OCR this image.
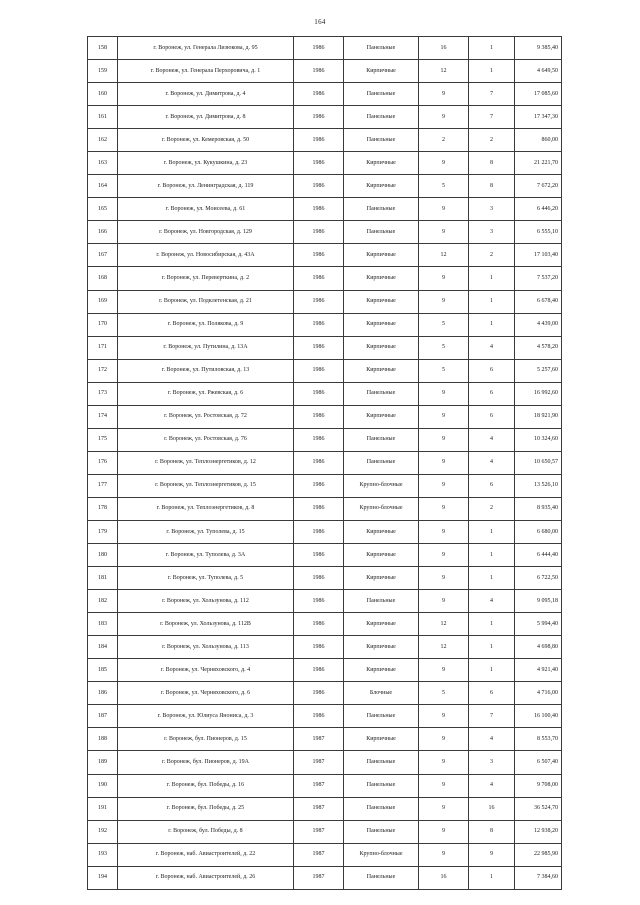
164
158	г. Воронеж, ул. Генерала Лизюкова, д. 95	1986	Панельные	16	1	9 385,40
159	г. Воронеж, ул. Генерала Перхоровича, д. 1	1986	Кирпичные	12	1	4 649,50
160	г. Воронеж, ул. Димитрова, д. 4	1986	Панельные	9	7	17 085,60
161	г. Воронеж, ул. Димитрова, д. 8	1986	Панельные	9	7	17 347,30
162	г. Воронеж, ул. Кемеровская, д. 50	1986	Панельные	2	2	860,00
163	г. Воронеж, ул. Кукушкина, д. 23	1986	Кирпичные	9	8	21 221,70
164	г. Воронеж, ул. Ленинградская, д. 119	1986	Кирпичные	5	8	7 672,20
165	г. Воронеж, ул. Моисеева, д. 61	1986	Панельные	9	3	6 446,20
166	г. Воронеж, ул. Новгородская, д. 129	1986	Панельные	9	3	6 555,10
167	г. Воронеж, ул. Новосибирская, д. 43А	1986	Кирпичные	12	2	17 103,40
168	г. Воронеж, ул. Переверткина, д. 2	1986	Кирпичные	9	1	7 537,20
169	г. Воронеж, ул. Подклетенская, д. 21	1986	Кирпичные	9	1	6 678,40
170	г. Воронеж, ул. Полякова, д. 9	1986	Кирпичные	5	1	4 439,00
171	г. Воронеж, ул. Путилина, д. 13А	1986	Кирпичные	5	4	4 578,20
172	г. Воронеж, ул. Путиловская, д. 13	1986	Кирпичные	5	6	5 257,60
173	г. Воронеж, ул. Ржевская, д. 6	1986	Панельные	9	6	16 992,60
174	г. Воронеж, ул. Ростовская, д. 72	1986	Кирпичные	9	6	18 921,90
175	г. Воронеж, ул. Ростовская, д. 76	1986	Панельные	9	4	10 324,60
176	г. Воронеж, ул. Теплоэнергетиков, д. 12	1986	Панельные	9	4	10 650,57
177	г. Воронеж, ул. Теплоэнергетиков, д. 15	1986	Крупно-блочные	9	6	13 526,10
178	г. Воронеж, ул. Теплоэнергетиков, д. 8	1986	Крупно-блочные	9	2	8 935,40
179	г. Воронеж, ул. Туполева, д. 15	1986	Кирпичные	9	1	6 680,00
180	г. Воронеж, ул. Туполева, д. 3А	1986	Кирпичные	9	1	6 444,40
181	г. Воронеж, ул. Туполева, д. 5	1986	Кирпичные	9	1	6 722,50
182	г. Воронеж, ул. Хользунова, д. 112	1986	Панельные	9	4	9 095,18
183	г. Воронеж, ул. Хользунова, д. 112В	1986	Кирпичные	12	1	5 994,40
184	г. Воронеж, ул. Хользунова, д. 113	1986	Кирпичные	12	1	4 698,80
185	г. Воронеж, ул. Черняховского, д. 4	1986	Кирпичные	9	1	4 921,40
186	г. Воронеж, ул. Черняховского, д. 6	1986	Блочные	5	6	4 716,00
187	г. Воронеж, ул. Юлиуса Янониса, д. 3	1986	Панельные	9	7	16 100,40
188	г. Воронеж, бул. Пионеров, д. 15	1987	Кирпичные	9	4	8 553,70
189	г. Воронеж, бул. Пионеров, д. 19А	1987	Панельные	9	3	6 507,40
190	г. Воронеж, бул. Победы, д. 16	1987	Панельные	9	4	9 708,00
191	г. Воронеж, бул. Победы, д. 25	1987	Панельные	9	16	36 524,70
192	г. Воронеж, бул. Победы, д. 8	1987	Панельные	9	8	12 938,20
193	г. Воронеж, наб. Авиастроителей, д. 22	1987	Крупно-блочные	9	9	22 985,90
194	г. Воронеж, наб. Авиастроителей, д. 26	1987	Панельные	16	1	7 384,60
